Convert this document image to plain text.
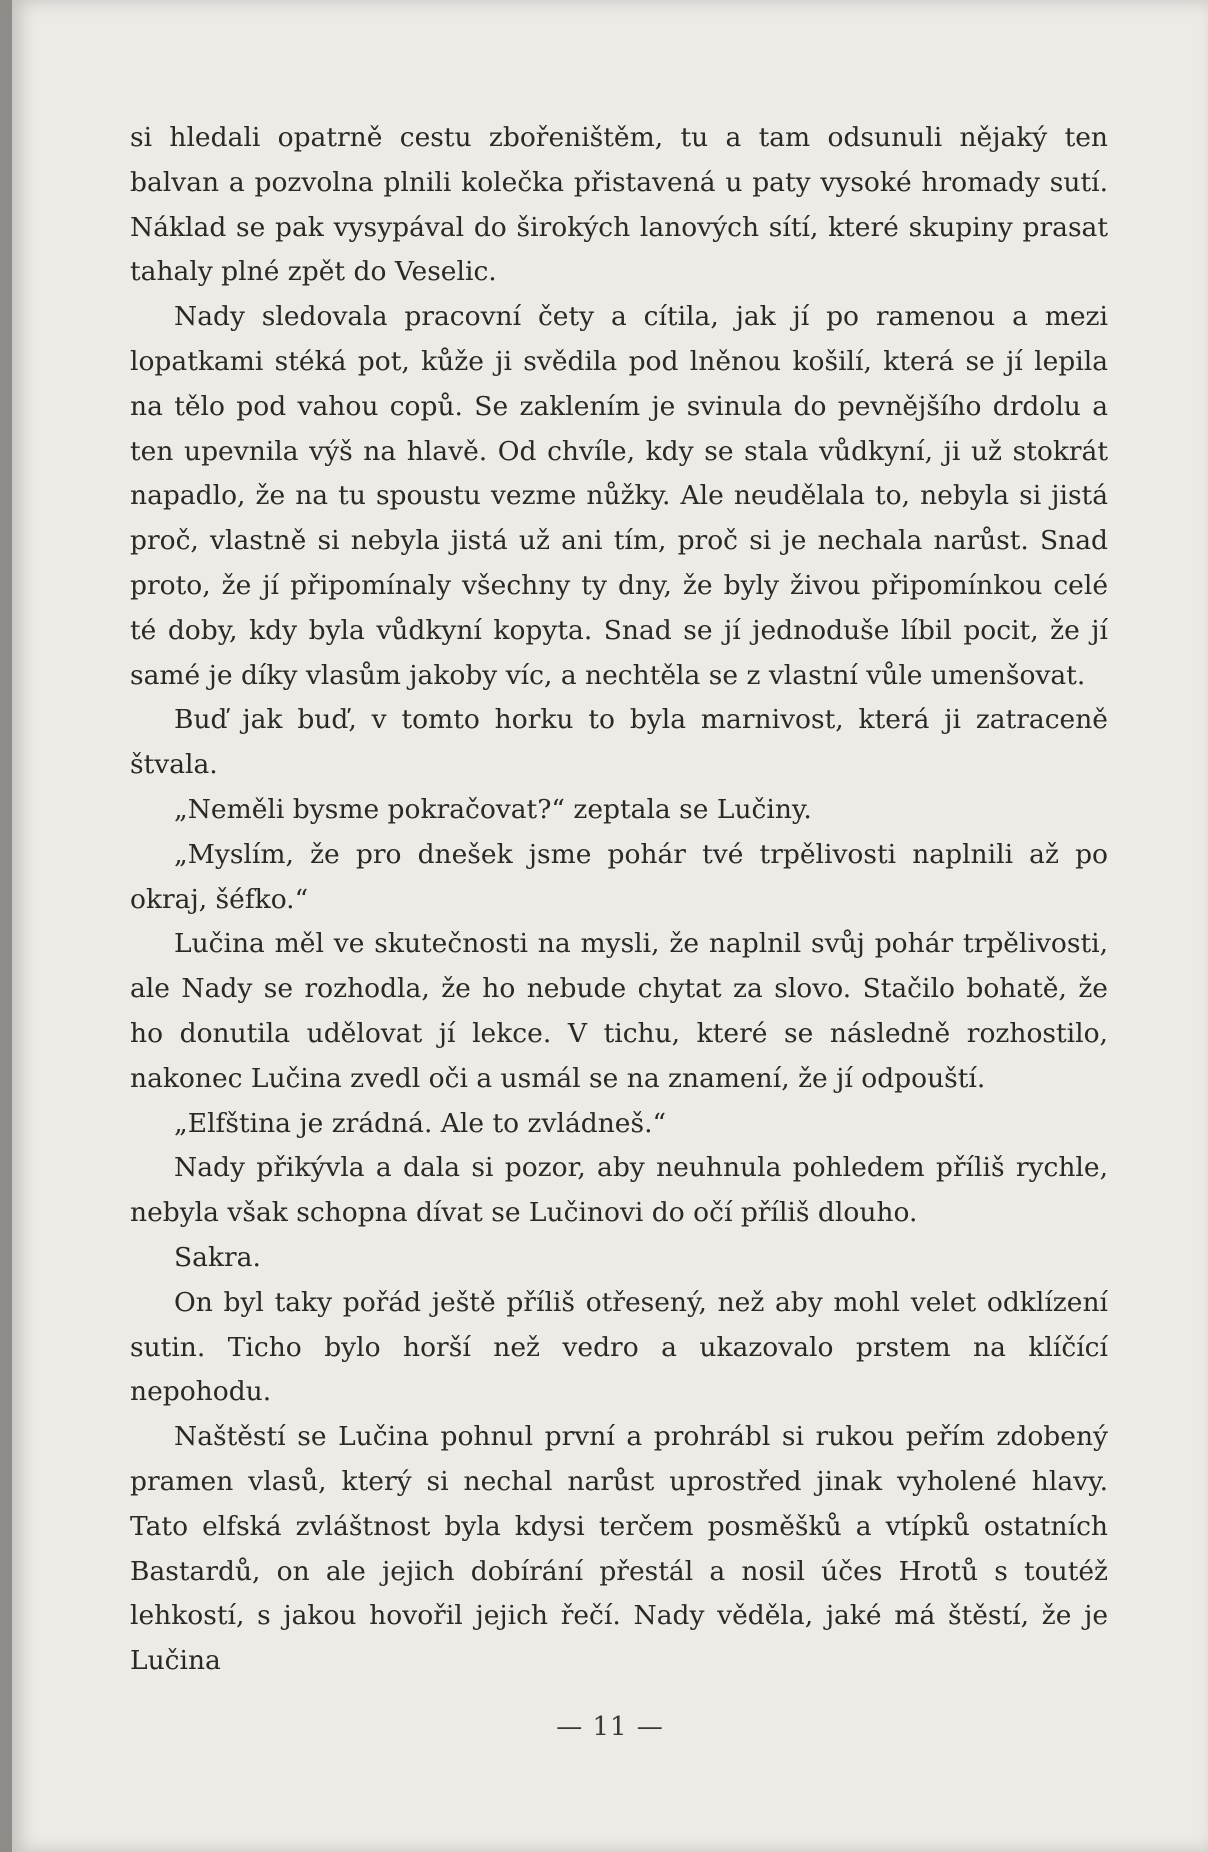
si hledali opatrně cestu zbořeništěm, tu a tam odsunuli nějaký ten balvan a pozvolna plnili kolečka přistavená u paty vysoké hromady sutí. Náklad se pak vysypával do širokých lanových sítí, které skupiny prasat tahaly plné zpět do Veselic.

Nady sledovala pracovní čety a cítila, jak jí po ramenou a mezi lopatkami stéká pot, kůže ji svědila pod lněnou košilí, která se jí lepila na tělo pod vahou copů. Se zaklením je svinula do pevnějšího drdolu a ten upevnila výš na hlavě. Od chvíle, kdy se stala vůdkyní, ji už stokrát napadlo, že na tu spoustu vezme nůžky. Ale neudělala to, nebyla si jistá proč, vlastně si nebyla jistá už ani tím, proč si je nechala narůst. Snad proto, že jí připomínaly všechny ty dny, že byly živou připomínkou celé té doby, kdy byla vůdkyní kopyta. Snad se jí jednoduše líbil pocit, že jí samé je díky vlasům jakoby víc, a nechtěla se z vlastní vůle umenšovat.

Buď jak buď, v tomto horku to byla marnivost, která ji zatraceně štvala.

„Neměli bysme pokračovat?“ zeptala se Lučiny.

„Myslím, že pro dnešek jsme pohár tvé trpělivosti naplnili až po okraj, šéfko.“

Lučina měl ve skutečnosti na mysli, že naplnil svůj pohár trpělivosti, ale Nady se rozhodla, že ho nebude chytat za slovo. Stačilo bohatě, že ho donutila udělovat jí lekce. V tichu, které se následně rozhostilo, nakonec Lučina zvedl oči a usmál se na znamení, že jí odpouští.

„Elfština je zrádná. Ale to zvládneš.“

Nady přikývla a dala si pozor, aby neuhnula pohledem příliš rychle, nebyla však schopna dívat se Lučinovi do očí příliš dlouho.

Sakra.

On byl taky pořád ještě příliš otřesený, než aby mohl velet odklízení sutin. Ticho bylo horší než vedro a ukazovalo prstem na klíčící nepohodu.

Naštěstí se Lučina pohnul první a prohrábl si rukou peřím zdobený pramen vlasů, který si nechal narůst uprostřed jinak vyholené hlavy. Tato elfská zvláštnost byla kdysi terčem posměšků a vtípků ostatních Bastardů, on ale jejich dobírání přestál a nosil účes Hrotů s toutéž lehkostí, s jakou hovořil jejich řečí. Nady věděla, jaké má štěstí, že je Lučina

— 11 —
